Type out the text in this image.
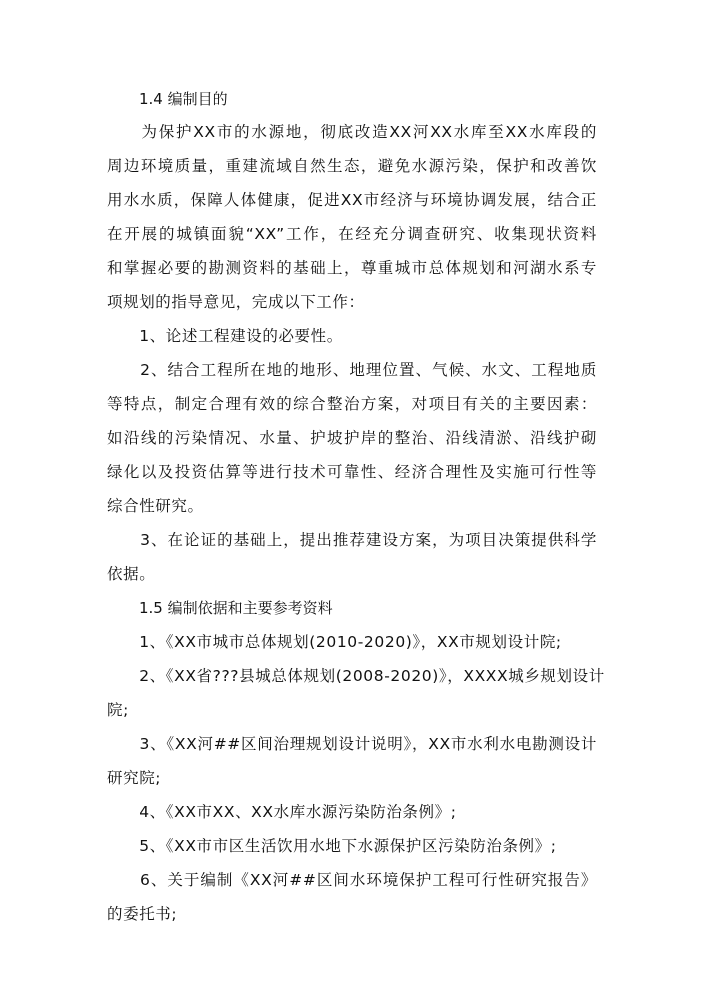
1.4 编制目的
　　为保护XX市的水源地，彻底改造XX河XX水库至XX水库段的
周边环境质量，重建流域自然生态，避免水源污染，保护和改善饮
用水水质，保障人体健康，促进XX市经济与环境协调发展，结合正
在开展的城镇面貌“XX”工作，在经充分调查研究、收集现状资料
和掌握必要的勘测资料的基础上，尊重城市总体规划和河湖水系专
项规划的指导意见，完成以下工作：
　　1、论述工程建设的必要性。
　　2、结合工程所在地的地形、地理位置、气候、水文、工程地质
等特点，制定合理有效的综合整治方案，对项目有关的主要因素：
如沿线的污染情况、水量、护坡护岸的整治、沿线清淤、沿线护砌
绿化以及投资估算等进行技术可靠性、经济合理性及实施可行性等
综合性研究。
　　3、在论证的基础上，提出推荐建设方案，为项目决策提供科学
依据。
1.5 编制依据和主要参考资料
　　1、《XX市城市总体规划(2010-2020)》，XX市规划设计院;
　　2、《XX省???县城总体规划(2008-2020)》，XXXX城乡规划设计
院;
　　3、《XX河##区间治理规划设计说明》，XX市水利水电勘测设计
研究院;
　　4、《XX市XX、XX水库水源污染防治条例》;
　　5、《XX市市区生活饮用水地下水源保护区污染防治条例》;
　　6、关于编制《XX河##区间水环境保护工程可行性研究报告》
的委托书;
